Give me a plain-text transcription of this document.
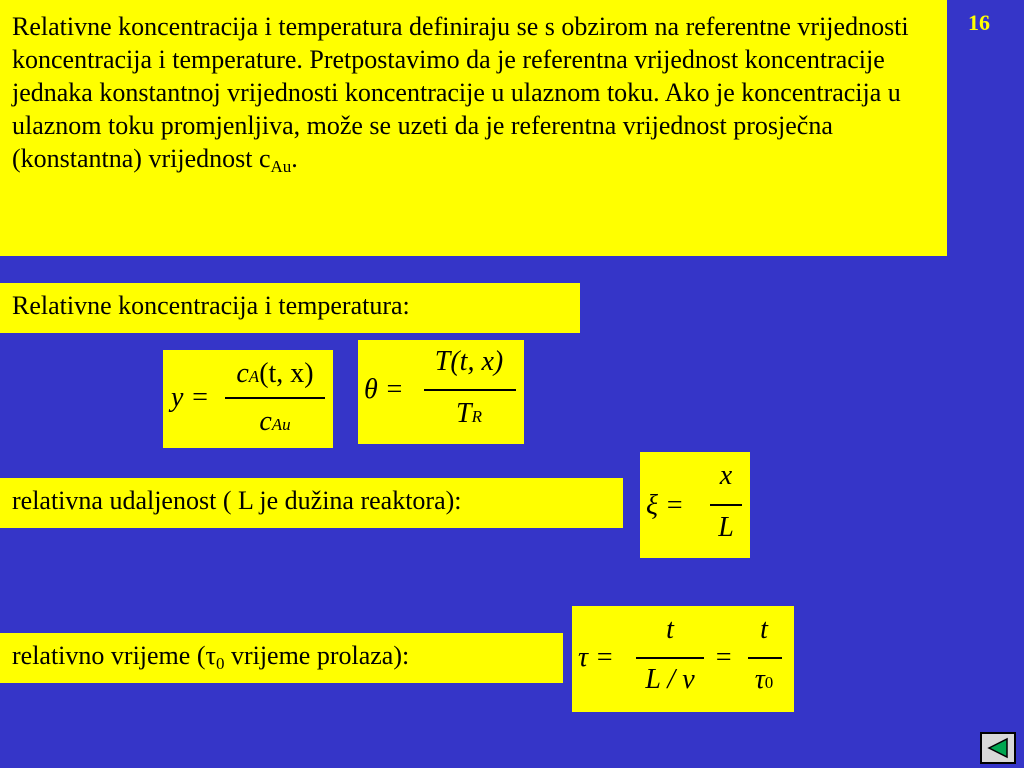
Relativne koncentracija i temperatura definiraju se s obzirom na referentne vrijednosti koncentracija i temperature. Pretpostavimo da je referentna vrijednost koncentracije jednaka konstantnoj vrijednosti koncentracije u ulaznom toku. Ako je koncentracija u ulaznom toku promjenljiva, može se uzeti da je referentna vrijednost prosječna (konstantna) vrijednost $c_{Au}$.
16
Relativne koncentracija i temperatura:
y =
cA(t, x)
cAu
θ =
T(t, x)
TR
relativna udaljenost ( L je dužina reaktora):	ξ =
x
L
relativno vrijeme ($\tau_0$ vrijeme prolaza):	τ =
t
L / v
=
t
τ0
